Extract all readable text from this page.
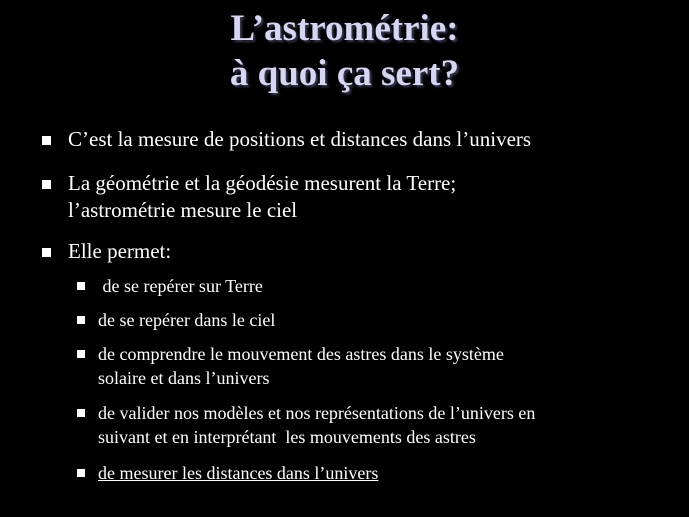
L’astrométrie:
à quoi ça sert?
C’est la mesure de positions et distances dans l’univers
La géométrie et la géodésie mesurent la Terre;
l’astrométrie mesure le ciel
Elle permet:
de se repérer sur Terre
de se repérer dans le ciel
de comprendre le mouvement des astres dans le système
solaire et dans l’univers
de valider nos modèles et nos représentations de l’univers en
suivant et en interprétant  les mouvements des astres
de mesurer les distances dans l’univers
